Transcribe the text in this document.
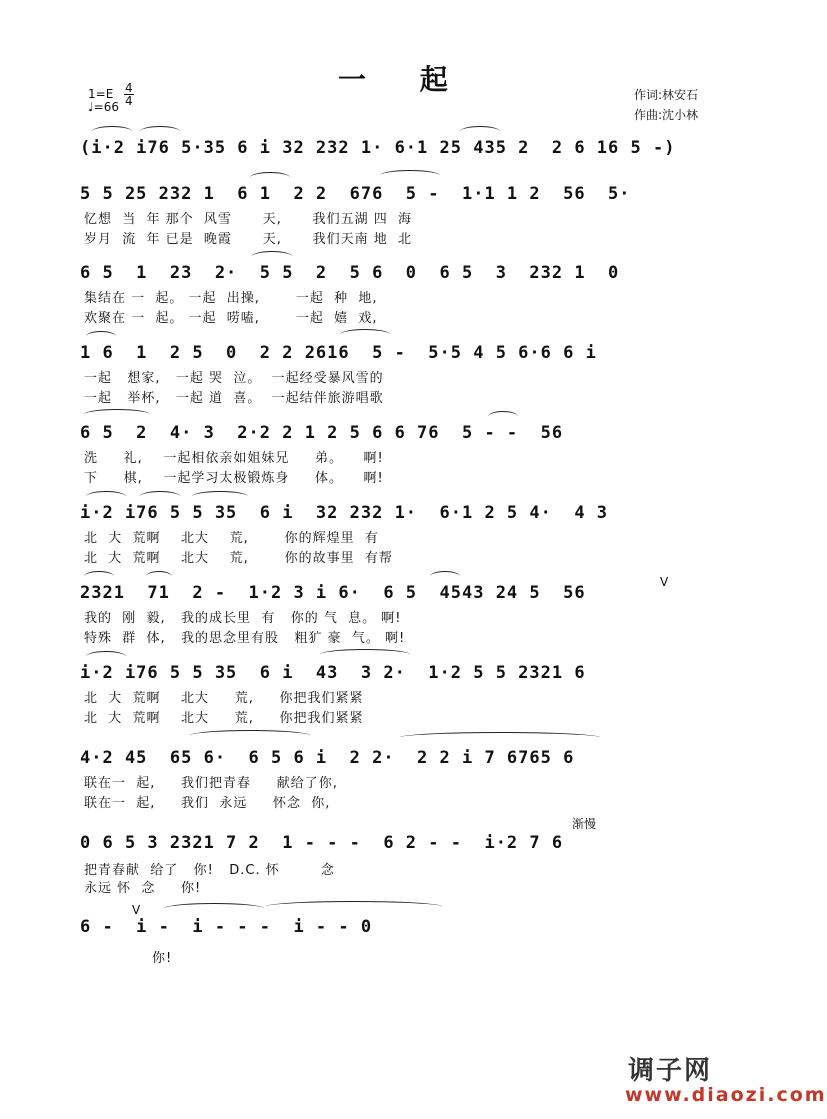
一 起
1=E
♩=66
4
4	作词:林安石
作曲:沈小林
(i·2 i76 5·35 6 i 32 232 1· 6·1 25 435 2  2 6 16 5 -)
5 5 25 232 1  6 1  2 2  676  5 -  1·1 1 2  56  5·
忆想  当  年 那个  风雪      天,      我们五湖 四  海
岁月  流  年 已是  晚霞      天,      我们天南 地  北
6 5  1  23  2·  5 5  2  5 6  0  6 5  3  232 1  0
集结在 一  起。 一起  出操,       一起  种  地,
欢聚在 一  起。 一起  唠嗑,       一起  嬉  戏,
1 6  1  2 5  0  2 2 2616  5 -  5·5 4 5 6·6 6 i
一起   想家,   一起 哭  泣。  一起经受暴风雪的
一起   举杯,   一起 道  喜。  一起结伴旅游唱歌
6 5  2  4· 3  2·2 2 1 2 5 6 6 76  5 - -  56
洗     礼,    一起相依亲如姐妹兄     弟。    啊!
下     棋,    一起学习太极锻炼身     体。    啊!
i·2 i76 5 5 35  6 i  32 232 1·  6·1 2 5 4·  4 3
北  大  荒啊    北大    荒,       你的辉煌里  有
北  大  荒啊    北大    荒,       你的故事里  有帮
2321  71  2 -  1·2 3 i 6·  6 5  4543 24 5  56
V
我的  刚  毅,   我的成长里  有   你的 气  息。 啊!
特殊  群  体,   我的思念里有股   粗犷 豪  气。 啊!
i·2 i76 5 5 35  6 i  43  3 2·  1·2 5 5 2321 6
北  大  荒啊    北大     荒,     你把我们紧紧
北  大  荒啊    北大     荒,     你把我们紧紧
4·2 45  65 6·  6 5 6 i  2 2·  2 2 i 7 6765 6
联在一  起,     我们把青春     献给了你,
联在一  起,     我们  永远     怀念  你,
0 6 5 3 2321 7 2  1 - - -  6 2 - -  i·2 7 6
渐慢
把青春献  给了   你!   D.C. 怀        念
永远 怀  念     你!
6 -  i -  i - - -  i - - 0
V
你!
调子网
www.diaozi.com
